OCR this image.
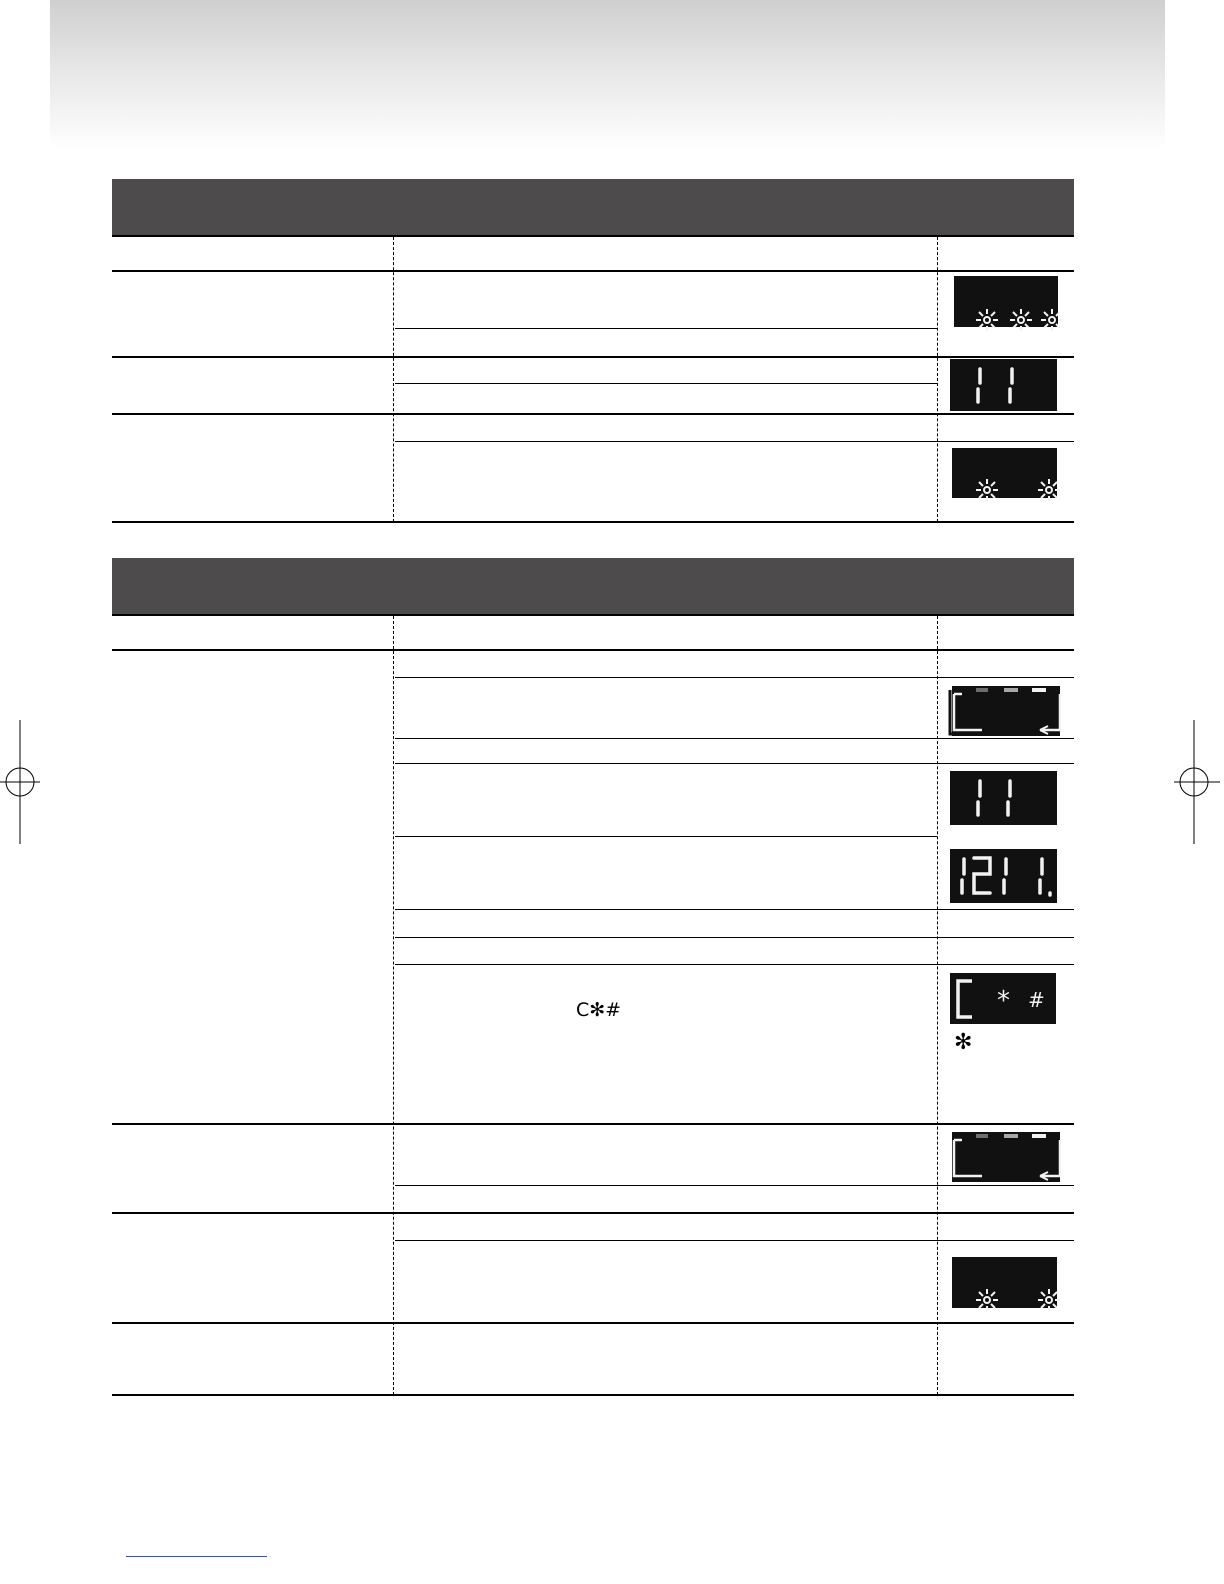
* #
C✻#
✻
